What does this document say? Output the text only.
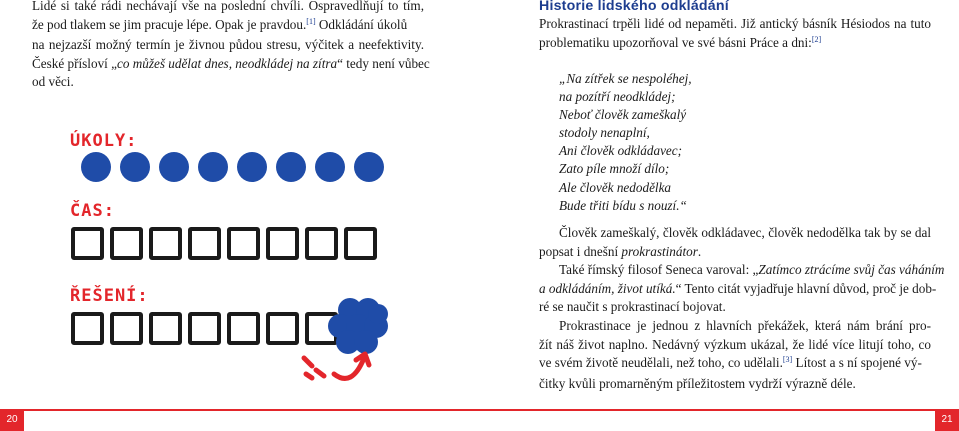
Lidé si také rádi nechávají vše na poslední chvíli. Ospravedlňují to tím,
že pod tlakem se jim pracuje lépe. Opak je pravdou.[1] Odkládání úkolů
na nejzazší možný termín je živnou půdou stresu, výčitek a neefektivity.
České přísloví „co můžeš udělat dnes, neodkládej na zítra“ tedy není vůbec
od věci.
ÚKOLY:
ČAS:
ŘEŠENÍ:
Historie lidského odkládání
Prokrastinací trpěli lidé od nepaměti. Již antický básník Hésiodos na tuto
problematiku upozorňoval ve své básni Práce a dni:[2]
„Na zítřek se nespoléhej,
na pozítří neodkládej;
Neboť člověk zameškalý
stodoly nenaplní,
Ani člověk odkládavec;
Zato píle množí dílo;
Ale člověk nedodělka
Bude třiti bídu s nouzí.“
Člověk zameškalý, člověk odkládavec, člověk nedodělka tak by se dal
popsat i dnešní prokrastinátor.
Také římský filosof Seneca varoval: „Zatímco ztrácíme svůj čas váháním
a odkládáním, život utíká.“ Tento citát vyjadřuje hlavní důvod, proč je dob-
ré se naučit s prokrastinací bojovat.
Prokrastinace je jednou z hlavních překážek, která nám brání pro-
žít náš život naplno. Nedávný výzkum ukázal, že lidé více litují toho, co
ve svém životě neudělali, než toho, co udělali.[3] Lítost a s ní spojené vý-
čitky kvůli promarněným příležitostem vydrží výrazně déle.
20	21
